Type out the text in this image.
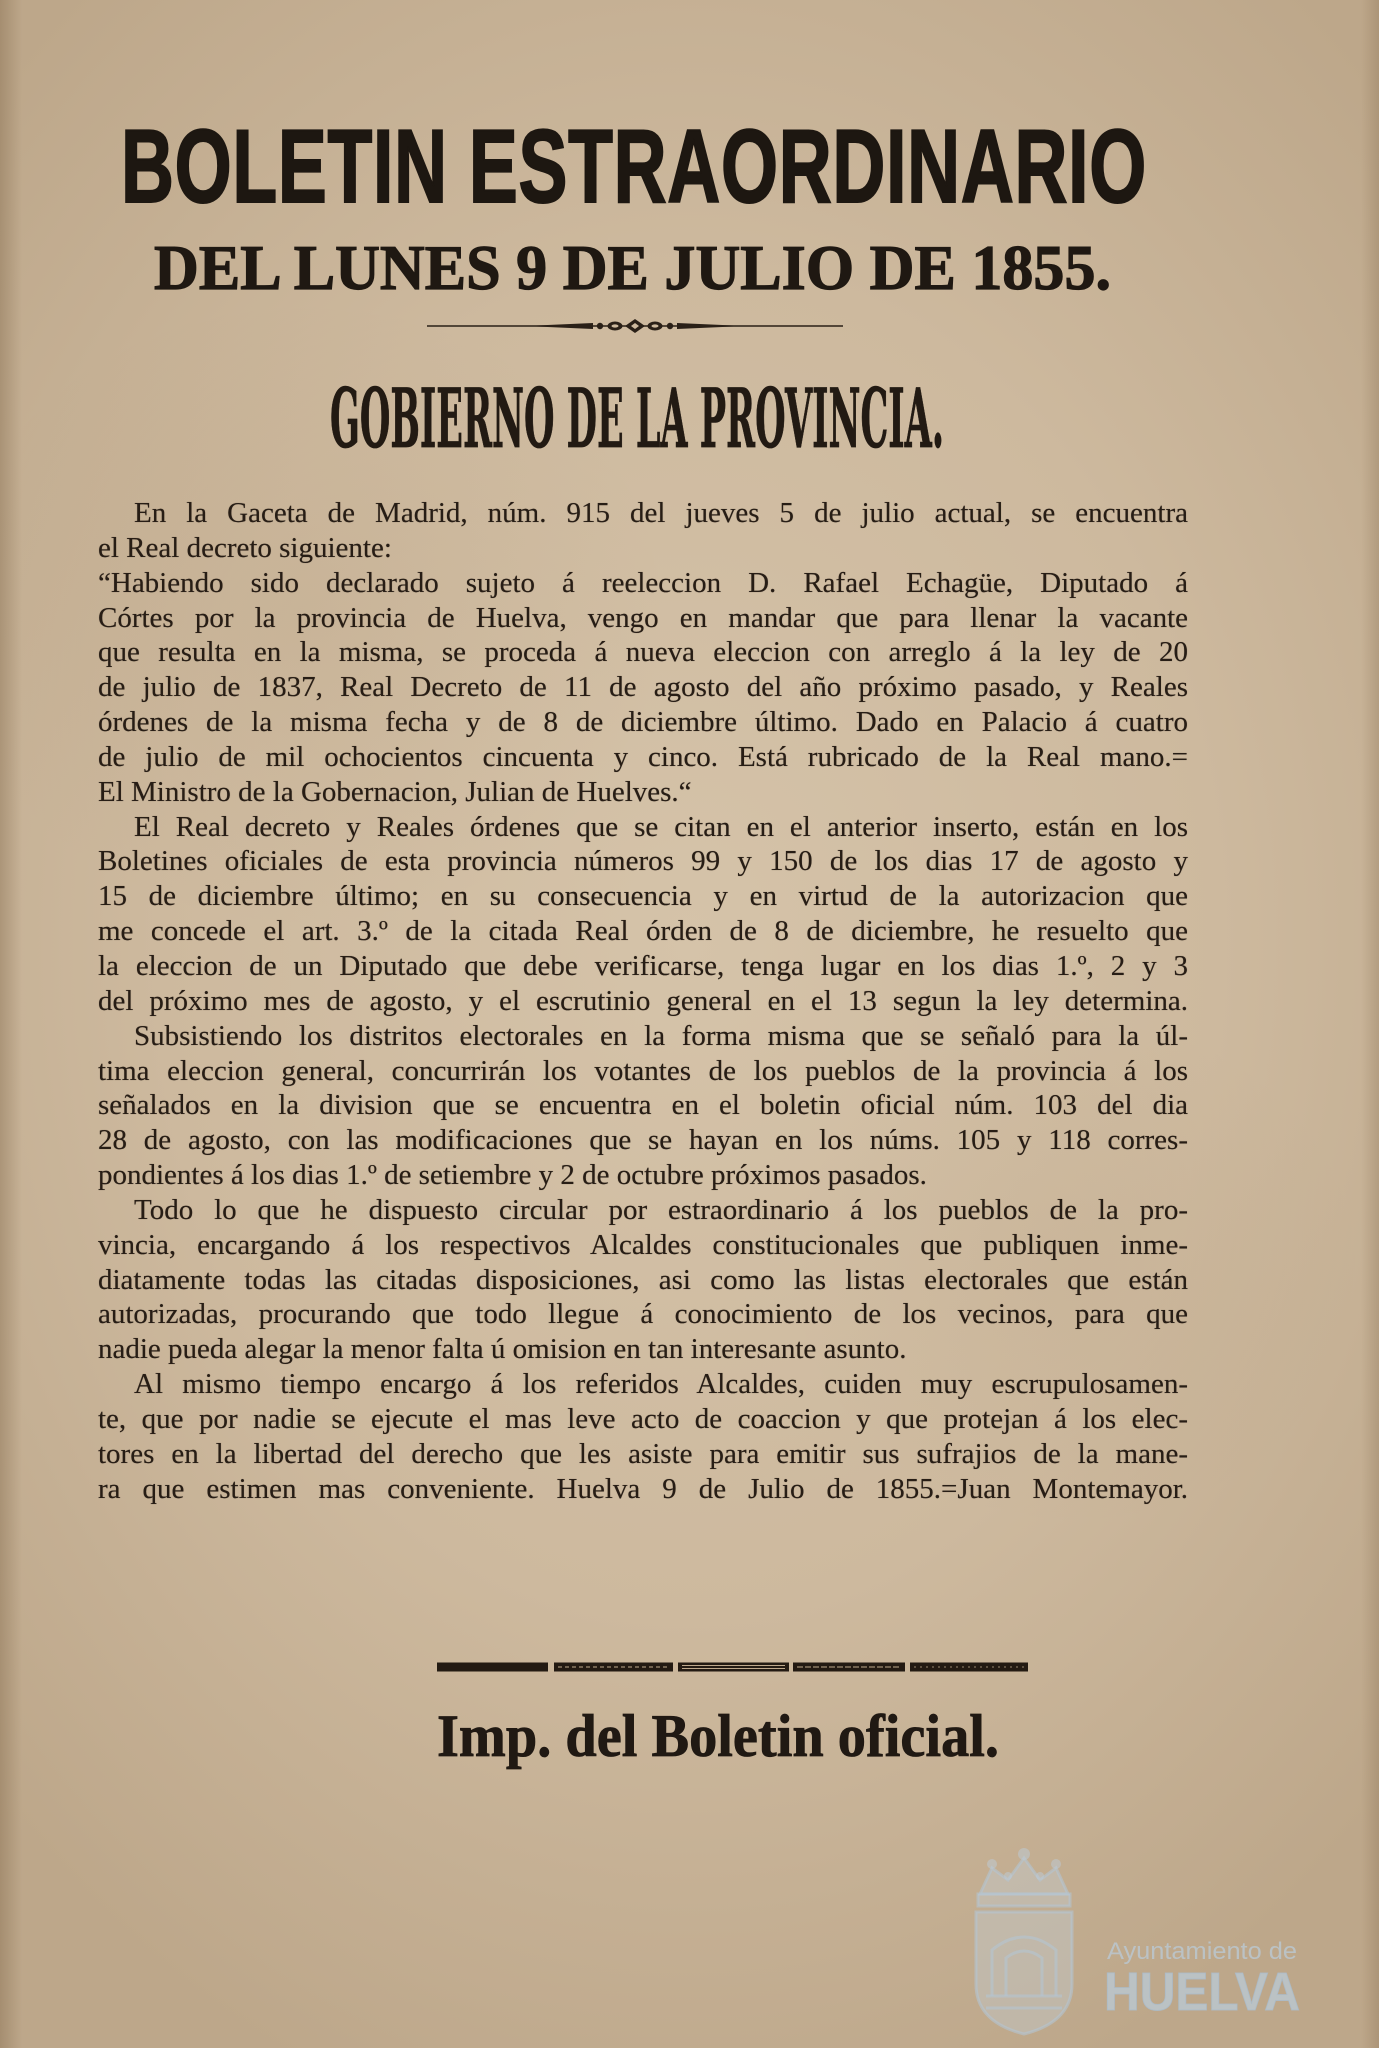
BOLETIN ESTRAORDINARIO
DEL LUNES 9 DE JULIO DE 1855.
GOBIERNO DE LA PROVINCIA.
En la Gaceta de Madrid, núm. 915 del jueves 5 de julio actual, se encuentra
el Real decreto siguiente:
“Habiendo sido declarado sujeto á reeleccion D. Rafael Echagüe, Diputado á
Córtes por la provincia de Huelva, vengo en mandar que para llenar la vacante
que resulta en la misma, se proceda á nueva eleccion con arreglo á la ley de 20
de julio de 1837, Real Decreto de 11 de agosto del año próximo pasado, y Reales
órdenes de la misma fecha y de 8 de diciembre último. Dado en Palacio á cuatro
de julio de mil ochocientos cincuenta y cinco. Está rubricado de la Real mano.=
El Ministro de la Gobernacion, Julian de Huelves.“
El Real decreto y Reales órdenes que se citan en el anterior inserto, están en los
Boletines oficiales de esta provincia números 99 y 150 de los dias 17 de agosto y
15 de diciembre último; en su consecuencia y en virtud de la autorizacion que
me concede el art. 3.º de la citada Real órden de 8 de diciembre, he resuelto que
la eleccion de un Diputado que debe verificarse, tenga lugar en los dias 1.º, 2 y 3
del próximo mes de agosto, y el escrutinio general en el 13 segun la ley determina.
Subsistiendo los distritos electorales en la forma misma que se señaló para la úl-
tima eleccion general, concurrirán los votantes de los pueblos de la provincia á los
señalados en la division que se encuentra en el boletin oficial núm. 103 del dia
28 de agosto, con las modificaciones que se hayan en los núms. 105 y 118 corres-
pondientes á los dias 1.º de setiembre y 2 de octubre próximos pasados.
Todo lo que he dispuesto circular por estraordinario á los pueblos de la pro-
vincia, encargando á los respectivos Alcaldes constitucionales que publiquen inme-
diatamente todas las citadas disposiciones, asi como las listas electorales que están
autorizadas, procurando que todo llegue á conocimiento de los vecinos, para que
nadie pueda alegar la menor falta ú omision en tan interesante asunto.
Al mismo tiempo encargo á los referidos Alcaldes, cuiden muy escrupulosamen-
te, que por nadie se ejecute el mas leve acto de coaccion y que protejan á los elec-
tores en la libertad del derecho que les asiste para emitir sus sufrajios de la mane-
ra que estimen mas conveniente. Huelva 9 de Julio de 1855.=Juan Montemayor.
Imp. del Boletin oficial.
Ayuntamiento de
HUELVA
